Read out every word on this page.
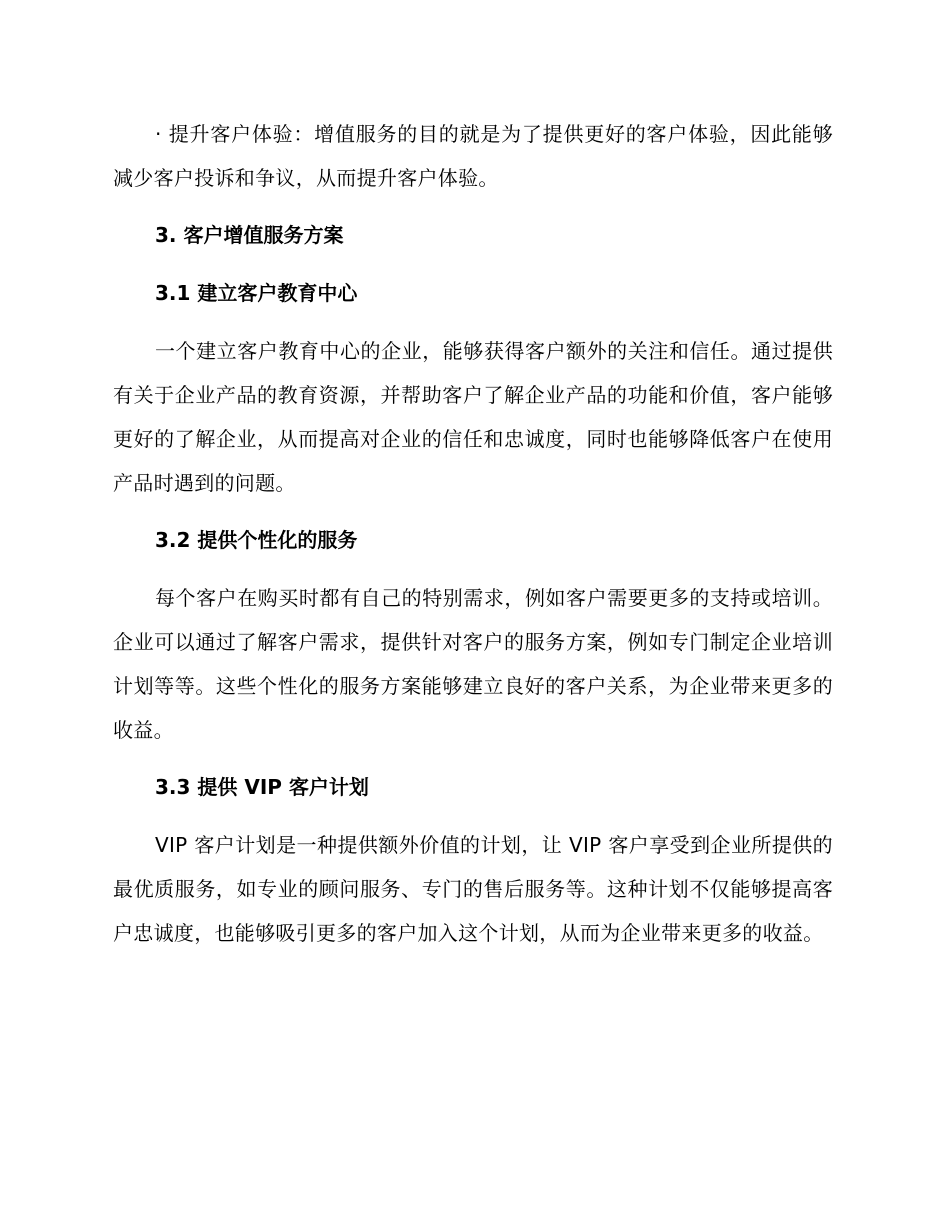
· 提升客户体验：增值服务的目的就是为了提供更好的客户体验，因此能够减少客户投诉和争议，从而提升客户体验。

3. 客户增值服务方案

3.1 建立客户教育中心

一个建立客户教育中心的企业，能够获得客户额外的关注和信任。通过提供有关于企业产品的教育资源，并帮助客户了解企业产品的功能和价值，客户能够更好的了解企业，从而提高对企业的信任和忠诚度，同时也能够降低客户在使用产品时遇到的问题。

3.2 提供个性化的服务

每个客户在购买时都有自己的特别需求，例如客户需要更多的支持或培训。企业可以通过了解客户需求，提供针对客户的服务方案，例如专门制定企业培训计划等等。这些个性化的服务方案能够建立良好的客户关系，为企业带来更多的收益。

3.3 提供 VIP 客户计划

VIP 客户计划是一种提供额外价值的计划，让 VIP 客户享受到企业所提供的最优质服务，如专业的顾问服务、专门的售后服务等。这种计划不仅能够提高客户忠诚度，也能够吸引更多的客户加入这个计划，从而为企业带来更多的收益。
